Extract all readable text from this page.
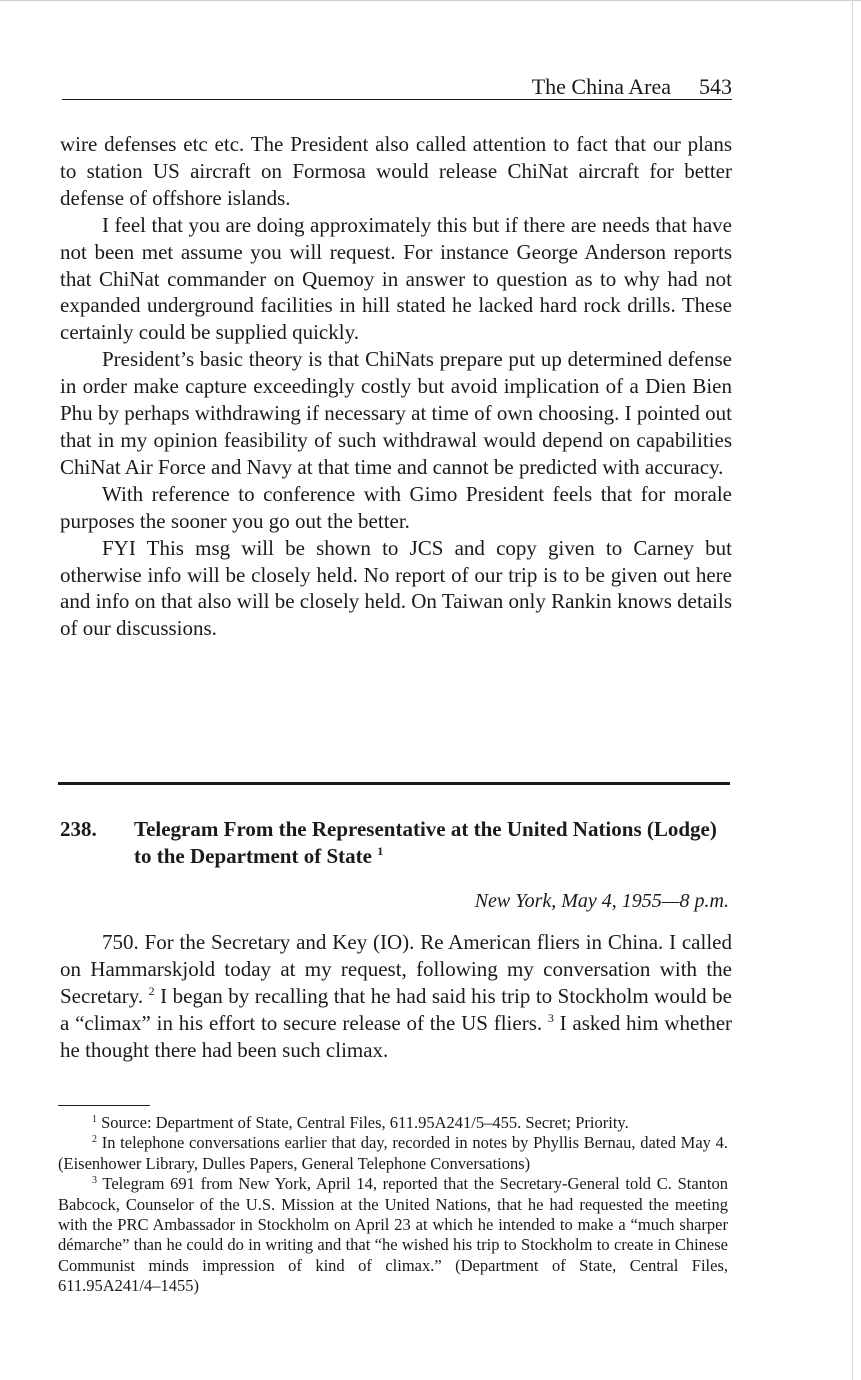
The China Area 543

wire defenses etc etc. The President also called attention to fact that our plans to station US aircraft on Formosa would release ChiNat aircraft for better defense of offshore islands.

I feel that you are doing approximately this but if there are needs that have not been met assume you will request. For instance George Anderson reports that ChiNat commander on Quemoy in answer to question as to why had not expanded underground facilities in hill stated he lacked hard rock drills. These certainly could be supplied quickly.

President’s basic theory is that ChiNats prepare put up determined defense in order make capture exceedingly costly but avoid implication of a Dien Bien Phu by perhaps withdrawing if necessary at time of own choosing. I pointed out that in my opinion feasibility of such withdrawal would depend on capabilities ChiNat Air Force and Navy at that time and cannot be predicted with accuracy.

With reference to conference with Gimo President feels that for morale purposes the sooner you go out the better.

FYI This msg will be shown to JCS and copy given to Carney but otherwise info will be closely held. No report of our trip is to be given out here and info on that also will be closely held. On Taiwan only Rankin knows details of our discussions.

238. Telegram From the Representative at the United Nations (Lodge) to the Department of State $^1$
New York, May 4, 1955—8 p.m.

750. For the Secretary and Key (IO). Re American fliers in China. I called on Hammarskjold today at my request, following my conversation with the Secretary. $^2$ I began by recalling that he had said his trip to Stockholm would be a “climax” in his effort to secure release of the US fliers. $^3$ I asked him whether he thought there had been such climax.

$^1$ Source: Department of State, Central Files, 611.95A241/5–455. Secret; Priority.

$^2$ In telephone conversations earlier that day, recorded in notes by Phyllis Bernau, dated May 4. (Eisenhower Library, Dulles Papers, General Telephone Conversations)

$^3$ Telegram 691 from New York, April 14, reported that the Secretary-General told C. Stanton Babcock, Counselor of the U.S. Mission at the United Nations, that he had requested the meeting with the PRC Ambassador in Stockholm on April 23 at which he intended to make a “much sharper démarche” than he could do in writing and that “he wished his trip to Stockholm to create in Chinese Communist minds impression of kind of climax.” (Department of State, Central Files, 611.95A241/4–1455)
